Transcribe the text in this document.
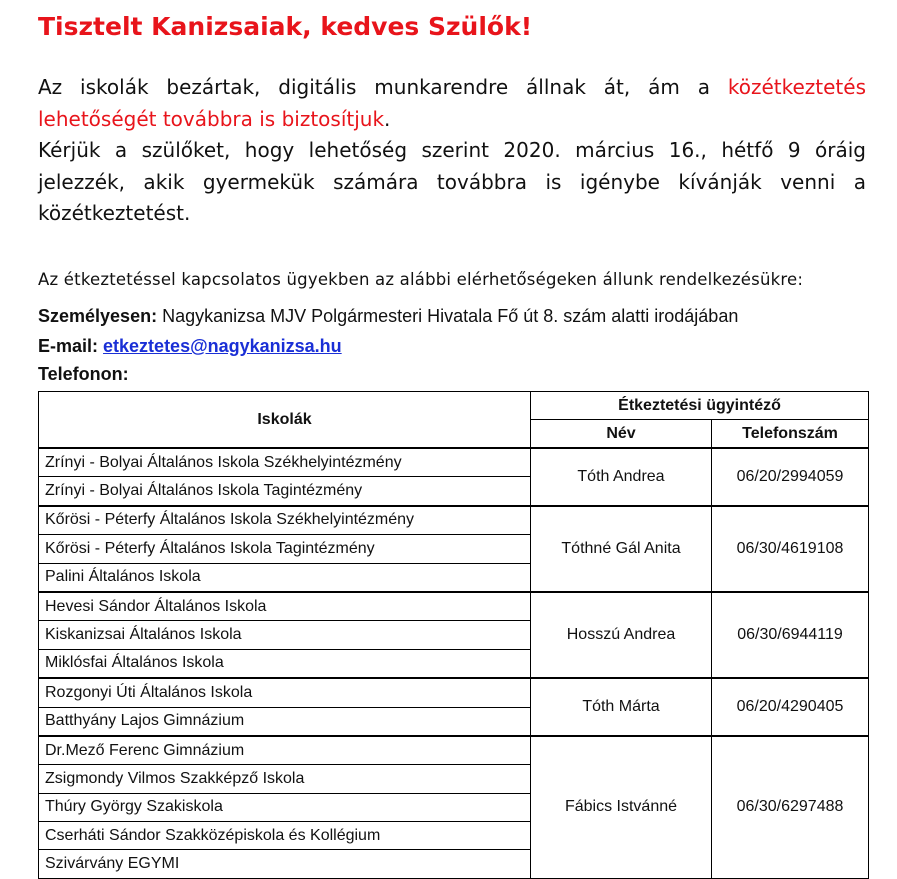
Tisztelt Kanizsaiak, kedves Szülők!

Az iskolák bezártak, digitális munkarendre állnak át, ám a közétkeztetés lehetőségét továbbra is biztosítjuk.

Kérjük a szülőket, hogy lehetőség szerint 2020. március 16., hétfő 9 óráig jelezzék, akik gyermekük számára továbbra is igénybe kívánják venni a közétkeztetést.

Az étkeztetéssel kapcsolatos ügyekben az alábbi elérhetőségeken állunk rendelkezésükre:
Személyesen: Nagykanizsa MJV Polgármesteri Hivatala Fő út 8. szám alatti irodájában
E-mail: etkeztetes@nagykanizsa.hu
Telefonon:
Iskolák	Étkeztetési ügyintéző	
	Név	Telefonszám
Zrínyi - Bolyai Általános Iskola Székhelyintézmény	Tóth Andrea	06/20/2994059
Zrínyi - Bolyai Általános Iskola Tagintézmény		
Kőrösi - Péterfy Általános Iskola Székhelyintézmény	Tóthné Gál Anita	06/30/4619108
Kőrösi - Péterfy Általános Iskola Tagintézmény		
Palini Általános Iskola		
Hevesi Sándor Általános Iskola	Hosszú Andrea	06/30/6944119
Kiskanizsai Általános Iskola		
Miklósfai Általános Iskola		
Rozgonyi Úti Általános Iskola	Tóth Márta	06/20/4290405
Batthyány Lajos Gimnázium		
Dr.Mező Ferenc Gimnázium	Fábics Istvánné	06/30/6297488
Zsigmondy Vilmos Szakképző Iskola		
Thúry György Szakiskola		
Cserháti Sándor Szakközépiskola és Kollégium		
Szivárvány EGYMI		
